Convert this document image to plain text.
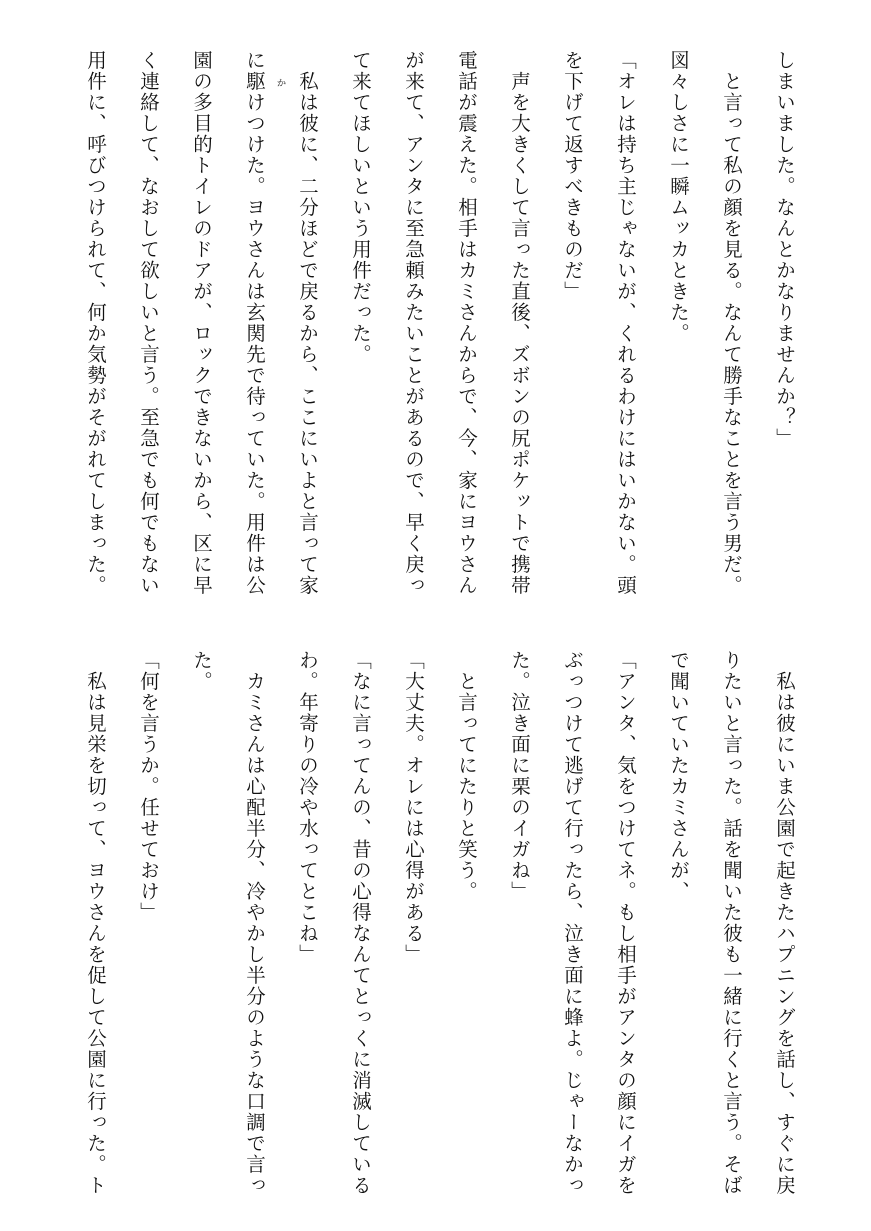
しまいました。なんとかなりませんか？」
　と言って私の顔を見る。なんて勝手なことを言う男だ。
図々しさに一瞬ムッカときた。
「オレは持ち主じゃないが、くれるわけにはいかない。頭
を下げて返すべきものだ」
　声を大きくして言った直後、ズボンの尻ポケットで携帯
電話が震えた。相手はカミさんからで、今、家にヨウさん
が来て、アンタに至急頼みたいことがあるので、早く戻っ
て来てほしいという用件だった。
　私は彼に、二分ほどで戻るから、ここにいよと言って家
に駆けつけた。ヨウさんは玄関先で待っていた。用件は公
園の多目的トイレのドアが、ロックできないから、区に早
く連絡して、なおして欲しいと言う。至急でも何でもない
用件に、呼びつけられて、何か気勢がそがれてしまった。	か
　私は彼にいま公園で起きたハプニングを話し、すぐに戻
りたいと言った。話を聞いた彼も一緒に行くと言う。そば
で聞いていたカミさんが、
「アンタ、気をつけてネ。もし相手がアンタの顔にイガを
ぶっつけて逃げて行ったら、泣き面に蜂よ。じゃーなかっ
た。泣き面に栗のイガね」
　と言ってにたりと笑う。
「大丈夫。オレには心得がある」
「なに言ってんの、昔の心得なんてとっくに消滅している
わ。年寄りの冷や水ってとこね」
　カミさんは心配半分、冷やかし半分のような口調で言っ
た。
「何を言うか。任せておけ」
　私は見栄を切って、ヨウさんを促して公園に行った。ト
